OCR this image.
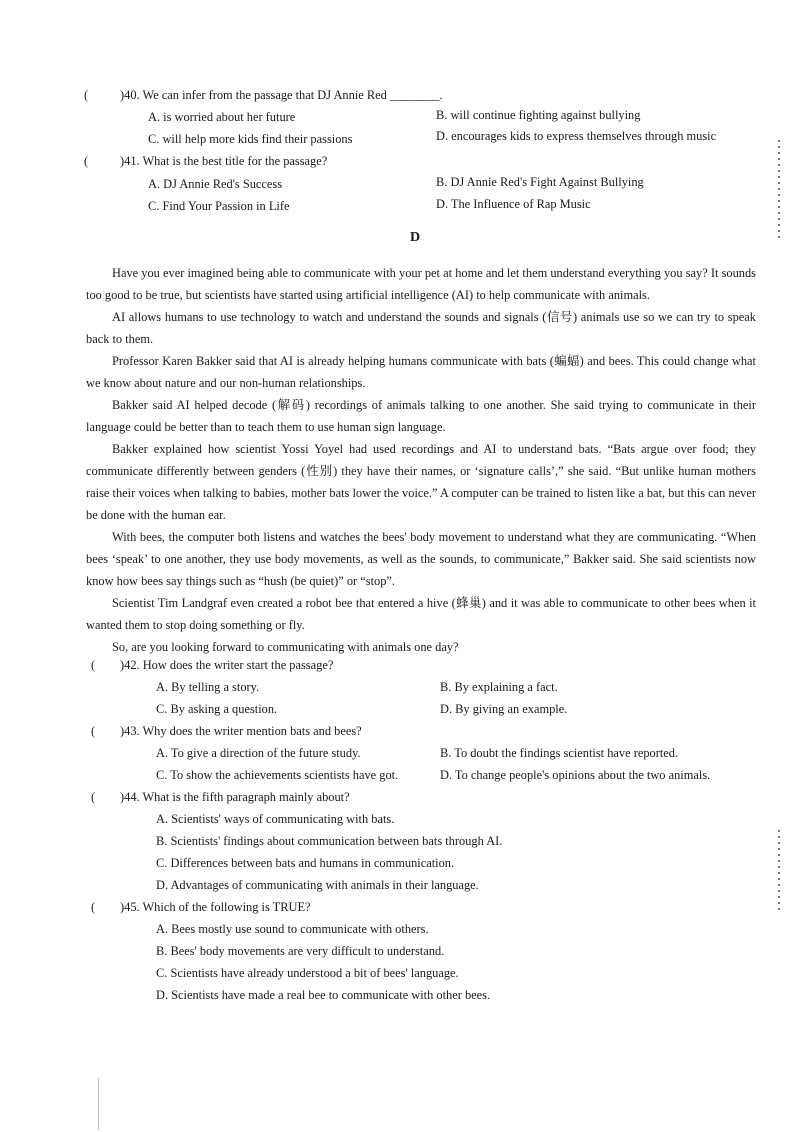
(	)40. We can infer from the passage that DJ Annie Red ________.
A. is worried about her future	B. will continue fighting against bullying
C. will help more kids find their passions	D. encourages kids to express themselves through music
(	)41. What is the best title for the passage?
A. DJ Annie Red's Success	B. DJ Annie Red's Fight Against Bullying
C. Find Your Passion in Life	D. The Influence of Rap Music
D
Have you ever imagined being able to communicate with your pet at home and let them understand everything you say? It sounds too good to be true, but scientists have started using artificial intelligence (AI) to help communicate with animals.
AI allows humans to use technology to watch and understand the sounds and signals (信号) animals use so we can try to speak back to them.
Professor Karen Bakker said that AI is already helping humans communicate with bats (蝙蝠) and bees. This could change what we know about nature and our non-human relationships.
Bakker said AI helped decode (解码) recordings of animals talking to one another. She said trying to communicate in their language could be better than to teach them to use human sign language.
Bakker explained how scientist Yossi Yoyel had used recordings and AI to understand bats. “Bats argue over food; they communicate differently between genders (性别) they have their names, or ‘signature calls’,” she said. “But unlike human mothers raise their voices when talking to babies, mother bats lower the voice.” A computer can be trained to listen like a bat, but this can never be done with the human ear.
With bees, the computer both listens and watches the bees' body movement to understand what they are communicating. “When bees ‘speak’ to one another, they use body movements, as well as the sounds, to communicate,” Bakker said. She said scientists now know how bees say things such as “hush (be quiet)” or “stop”.
Scientist Tim Landgraf even created a robot bee that entered a hive (蜂巢) and it was able to communicate to other bees when it wanted them to stop doing something or fly.
So, are you looking forward to communicating with animals one day?
( )42. How does the writer start the passage?
A. By telling a story.	B. By explaining a fact.
C. By asking a question.	D. By giving an example.
( )43. Why does the writer mention bats and bees?
A. To give a direction of the future study.	B. To doubt the findings scientist have reported.
C. To show the achievements scientists have got.	D. To change people's opinions about the two animals.
( )44. What is the fifth paragraph mainly about?
A. Scientists' ways of communicating with bats.
B. Scientists' findings about communication between bats through AI.
C. Differences between bats and humans in communication.
D. Advantages of communicating with animals in their language.
( )45. Which of the following is TRUE?
A. Bees mostly use sound to communicate with others.
B. Bees' body movements are very difficult to understand.
C. Scientists have already understood a bit of bees' language.
D. Scientists have made a real bee to communicate with other bees.
